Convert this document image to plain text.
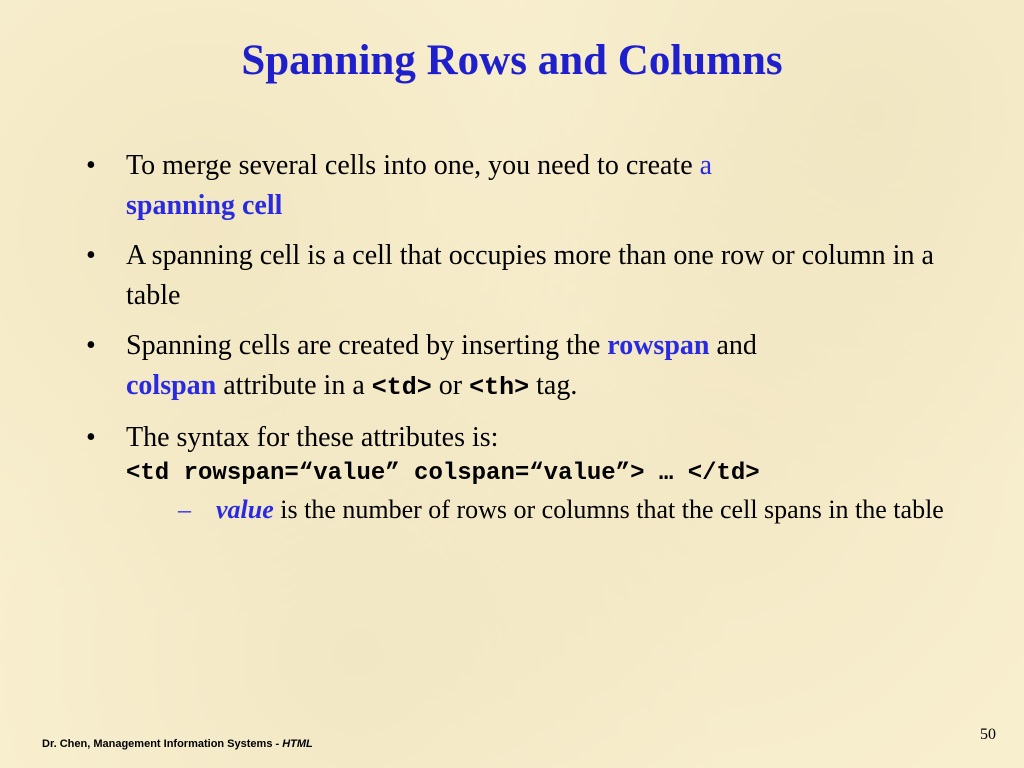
Spanning Rows and Columns
• To merge several cells into one, you need to create a
spanning cell
• A spanning cell is a cell that occupies more than one row or column in a table
• Spanning cells are created by inserting the rowspan and
colspan attribute in a <td> or <th> tag.
• The syntax for these attributes is:
<td rowspan=“value” colspan=“value”> … </td>
– value is the number of rows or columns that the cell spans in the table
Dr. Chen, Management Information Systems - HTML
50
